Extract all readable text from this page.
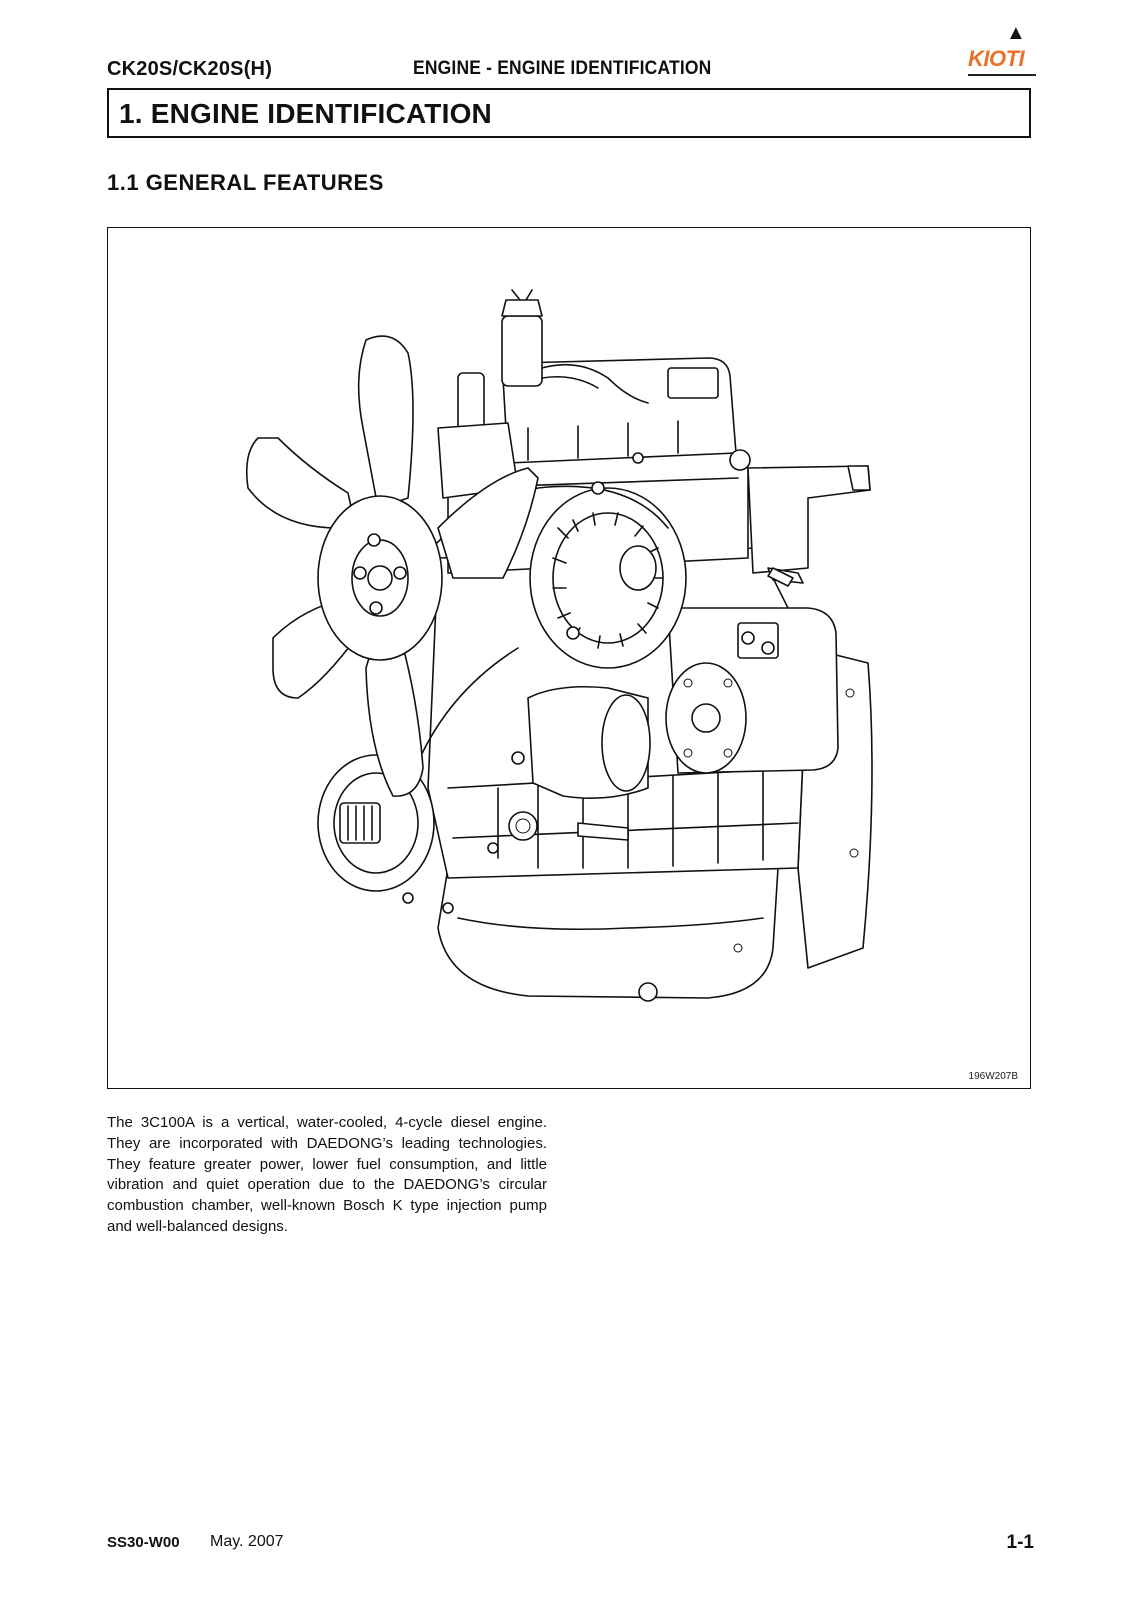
CK20S/CK20S(H)	ENGINE - ENGINE IDENTIFICATION
▲
KIOTI
1. ENGINE IDENTIFICATION
1.1 GENERAL FEATURES
196W207B
The 3C100A is a vertical, water-cooled, 4-cycle diesel engine. They are incorporated with DAEDONG’s leading technologies. They feature greater power, lower fuel consumption, and little vibration and quiet operation due to the DAEDONG’s circular combustion chamber, well-known Bosch K type injection pump and well-balanced designs.
SS30-W00 May. 2007	1-1
